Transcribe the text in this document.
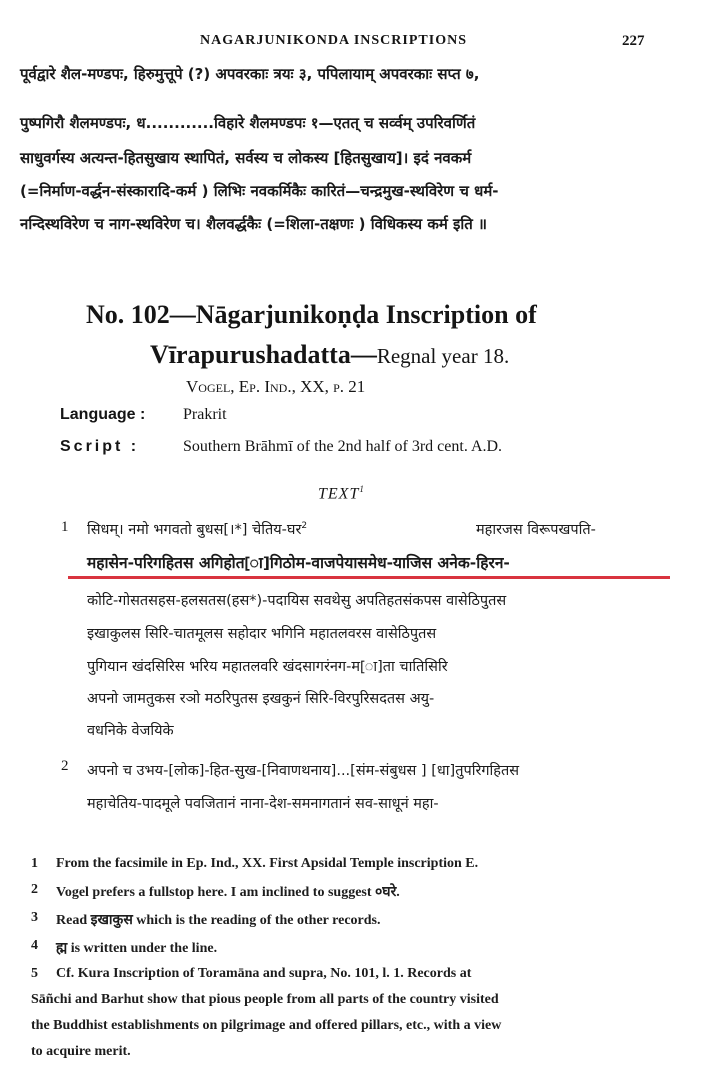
NAGARJUNIKONDA INSCRIPTIONS	227
पूर्वद्वारे शैल-मण्डपः, हिरुमुत्तूपे (?) अपवरकाः त्रयः ३, पपिलायाम् अपवरकाः सप्त ७,
पुष्पगिरौ शैलमण्डपः, ध............विहारे शैलमण्डपः १—एतत् च सर्व्वम् उपरिवर्णितं
साधुवर्गस्य अत्यन्त-हितसुखाय स्थापितं, सर्वस्य च लोकस्य [हितसुखाय]। इदं नवकर्म
(=निर्माण-वर्द्धन-संस्कारादि-कर्म ) लिभिः नवकर्मिकैः कारितं—चन्द्रमुख-स्थविरेण च धर्म-
नन्दिस्थविरेण च नाग-स्थविरेण च। शैलवर्द्धकैः (=शिला-तक्षणः ) विधिकस्य कर्म इति ॥
No. 102—Nāgarjunikoṇḍa Inscription of
Vīrapurushadatta—Regnal year 18.
Vogel, Ep. Ind., XX, p. 21
Language : Prakrit
Script :	Southern Brāhmī of the 2nd half of 3rd cent. A.D.
TEXT$^1$
1 सिधम्। नमो भगवतो बुधस[।*] चेतिय-घर$^2$	महारजस विरूपखपति-
महासेन-परिगहितस अगिहोत[ा]गिठोम-वाजपेयासमेध-याजिस अनेक-हिरन-
कोटि-गोसतसहस-हलसतस(हस*)-पदायिस सवथेसु अपतिहतसंकपस वासेठिपुतस
इखाकुलस सिरि-चातमूलस सहोदार भगिनि महातलवरस वासेठिपुतस
पुगियान खंदसिरिस भरिय महातलवरि खंदसागरंनग-म[ा]ता चातिसिरि
अपनो जामतुकस रञो मठरिपुतस इखकुनं सिरि-विरपुरिसदतस अयु-
वधनिके वेजयिके
2 अपनो च उभय-[लोक]-हित-सुख-[निवाणथनाय]...[संम-संबुधस ] [धा]तुपरिगहितस
महाचेतिय-पादमूले पवजितानं नाना-देश-समनागतानं सव-साधूनं महा-
1 From the facsimile in Ep. Ind., XX. First Apsidal Temple inscription E.
2 Vogel prefers a fullstop here. I am inclined to suggest ०घरे.
3 Read इखाकुस which is the reading of the other records.
4 ह्म is written under the line.
5 Cf. Kura Inscription of Toramāna and supra, No. 101, l. 1. Records at
Sāñchi and Barhut show that pious people from all parts of the country visited
the Buddhist establishments on pilgrimage and offered pillars, etc., with a view
to acquire merit.
